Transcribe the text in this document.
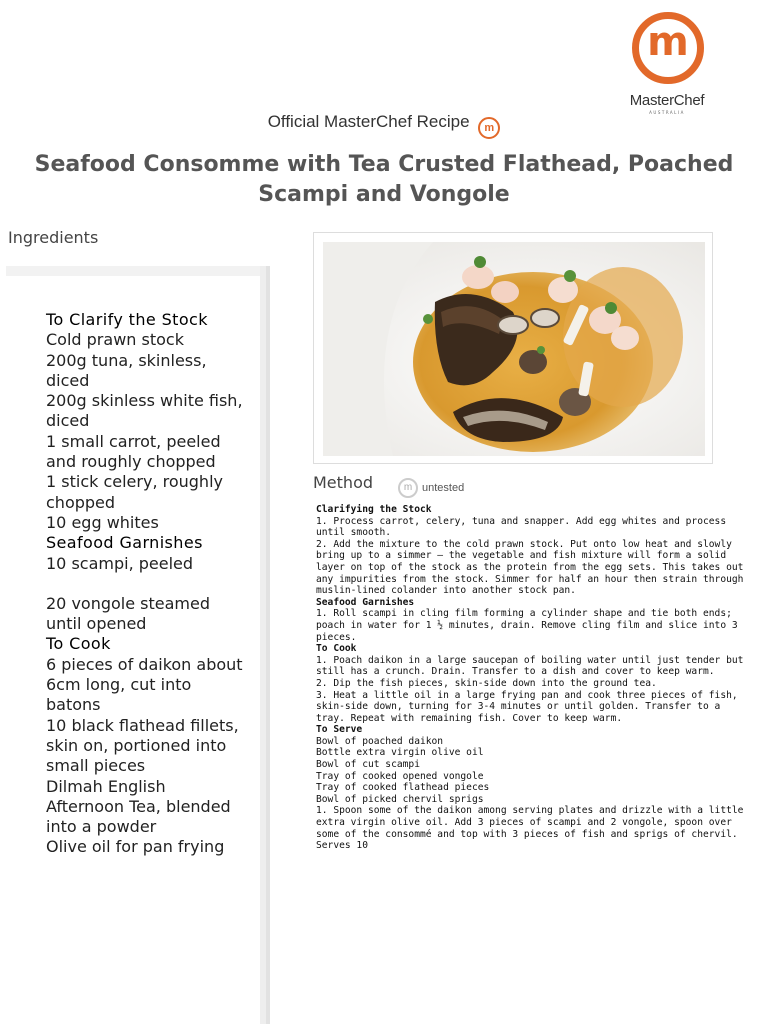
m
MasterChef
AUSTRALIA
Official MasterChef Recipe m
Seafood Consomme with Tea Crusted Flathead, Poached Scampi and Vongole
Ingredients
To Clarify the Stock
Cold prawn stock
200g tuna, skinless, diced
200g skinless white fish, diced
1 small carrot, peeled and roughly chopped
1 stick celery, roughly chopped
10 egg whites
Seafood Garnishes
10 scampi, peeled
20 vongole steamed until opened
To Cook
6 pieces of daikon about 6cm long, cut into batons
10 black flathead fillets, skin on, portioned into small pieces
Dilmah English Afternoon Tea, blended into a powder
Olive oil for pan frying
Method	m untested

Clarifying the Stock

1. Process carrot, celery, tuna and snapper. Add egg whites and process until smooth.

2. Add the mixture to the cold prawn stock. Put onto low heat and slowly bring up to a simmer – the vegetable and fish mixture will form a solid layer on top of the stock as the protein from the egg sets. This takes out any impurities from the stock. Simmer for half an hour then strain through muslin-lined colander into another stock pan.

Seafood Garnishes

1. Roll scampi in cling film forming a cylinder shape and tie both ends; poach in water for 1 ½ minutes, drain. Remove cling film and slice into 3 pieces.

To Cook

1. Poach daikon in a large saucepan of boiling water until just tender but still has a crunch. Drain. Transfer to a dish and cover to keep warm.

2. Dip the fish pieces, skin-side down into the ground tea.

3. Heat a little oil in a large frying pan and cook three pieces of fish, skin-side down, turning for 3-4 minutes or until golden. Transfer to a tray. Repeat with remaining fish. Cover to keep warm.

To Serve

Bowl of poached daikon

Bottle extra virgin olive oil

Bowl of cut scampi

Tray of cooked opened vongole

Tray of cooked flathead pieces

Bowl of picked chervil sprigs

1. Spoon some of the daikon among serving plates and drizzle with a little extra virgin olive oil. Add 3 pieces of scampi and 2 vongole, spoon over some of the consommé and top with 3 pieces of fish and sprigs of chervil.

Serves 10
